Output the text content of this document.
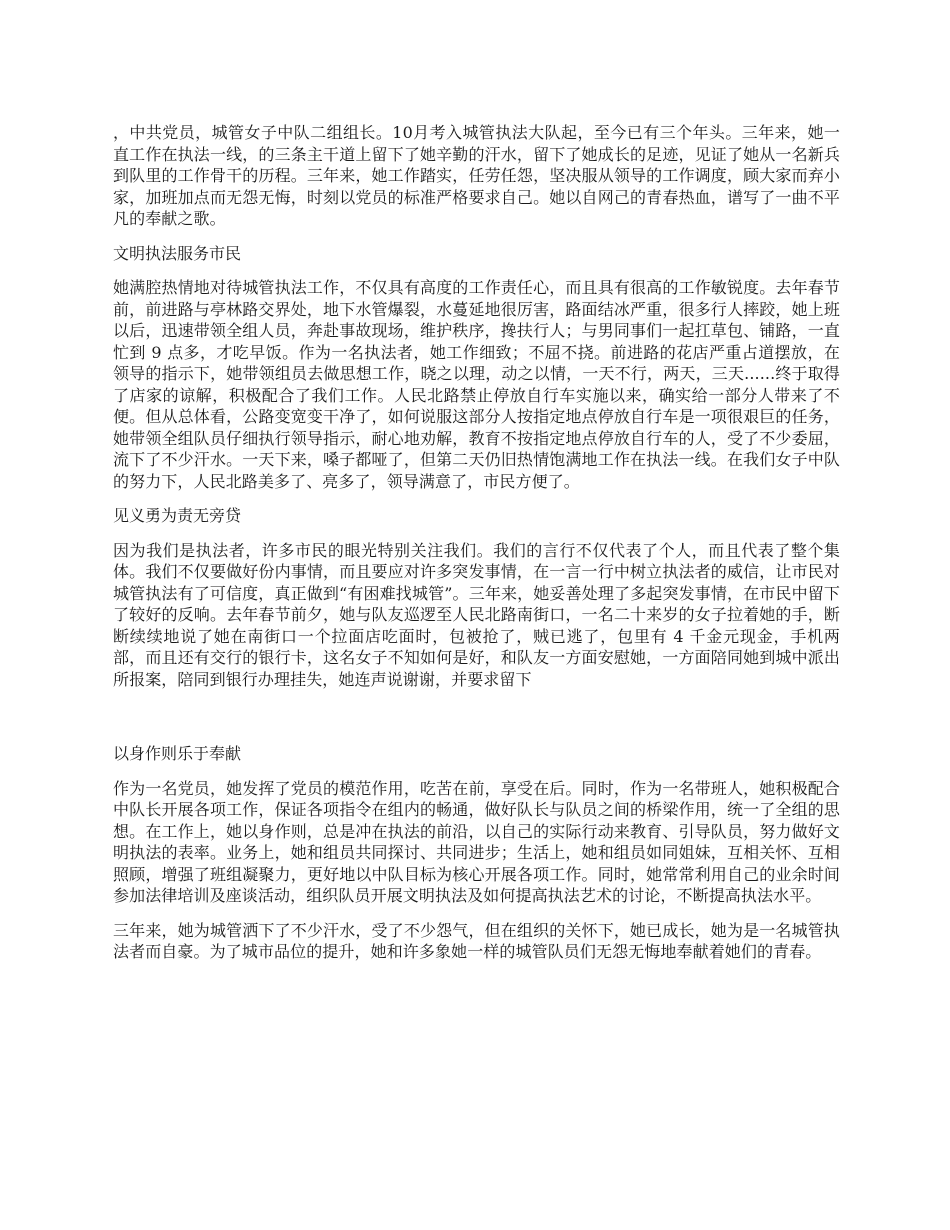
，中共党员，城管女子中队二组组长。10月考入城管执法大队起，至今已有三个年头。三年来，她一直工作在执法一线，的三条主干道上留下了她辛勤的汗水，留下了她成长的足迹，见证了她从一名新兵到队里的工作骨干的历程。三年来，她工作踏实，任劳任怨，坚决服从领导的工作调度，顾大家而弃小家，加班加点而无怨无悔，时刻以党员的标准严格要求自己。她以自网己的青春热血，谱写了一曲不平凡的奉献之歌。

文明执法服务市民

她满腔热情地对待城管执法工作，不仅具有高度的工作责任心，而且具有很高的工作敏锐度。去年春节前，前进路与亭林路交界处，地下水管爆裂，水蔓延地很厉害，路面结冰严重，很多行人摔跤，她上班以后，迅速带领全组人员，奔赴事故现场，维护秩序，搀扶行人；与男同事们一起扛草包、铺路，一直忙到 9 点多，才吃早饭。作为一名执法者，她工作细致；不屈不挠。前进路的花店严重占道摆放，在领导的指示下，她带领组员去做思想工作，晓之以理，动之以情，一天不行，两天，三天......终于取得了店家的谅解，积极配合了我们工作。人民北路禁止停放自行车实施以来，确实给一部分人带来了不便。但从总体看，公路变宽变干净了，如何说服这部分人按指定地点停放自行车是一项很艰巨的任务，她带领全组队员仔细执行领导指示，耐心地劝解，教育不按指定地点停放自行车的人，受了不少委屈，流下了不少汗水。一天下来，嗓子都哑了，但第二天仍旧热情饱满地工作在执法一线。在我们女子中队的努力下，人民北路美多了、亮多了，领导满意了，市民方便了。

见义勇为责无旁贷

因为我们是执法者，许多市民的眼光特别关注我们。我们的言行不仅代表了个人，而且代表了整个集体。我们不仅要做好份内事情，而且要应对许多突发事情，在一言一行中树立执法者的威信，让市民对城管执法有了可信度，真正做到“有困难找城管”。三年来，她妥善处理了多起突发事情，在市民中留下了较好的反响。去年春节前夕，她与队友巡逻至人民北路南街口，一名二十来岁的女子拉着她的手，断断续续地说了她在南街口一个拉面店吃面时，包被抢了，贼已逃了，包里有 4 千金元现金，手机两部，而且还有交行的银行卡，这名女子不知如何是好，和队友一方面安慰她，一方面陪同她到城中派出所报案，陪同到银行办理挂失，她连声说谢谢，并要求留下

以身作则乐于奉献

作为一名党员，她发挥了党员的模范作用，吃苦在前，享受在后。同时，作为一名带班人，她积极配合中队长开展各项工作，保证各项指令在组内的畅通，做好队长与队员之间的桥梁作用，统一了全组的思想。在工作上，她以身作则，总是冲在执法的前沿，以自己的实际行动来教育、引导队员，努力做好文明执法的表率。业务上，她和组员共同探讨、共同进步；生活上，她和组员如同姐妹，互相关怀、互相照顾，增强了班组凝聚力，更好地以中队目标为核心开展各项工作。同时，她常常利用自己的业余时间参加法律培训及座谈活动，组织队员开展文明执法及如何提高执法艺术的讨论，不断提高执法水平。

三年来，她为城管洒下了不少汗水，受了不少怨气，但在组织的关怀下，她已成长，她为是一名城管执法者而自豪。为了城市品位的提升，她和许多象她一样的城管队员们无怨无悔地奉献着她们的青春。
